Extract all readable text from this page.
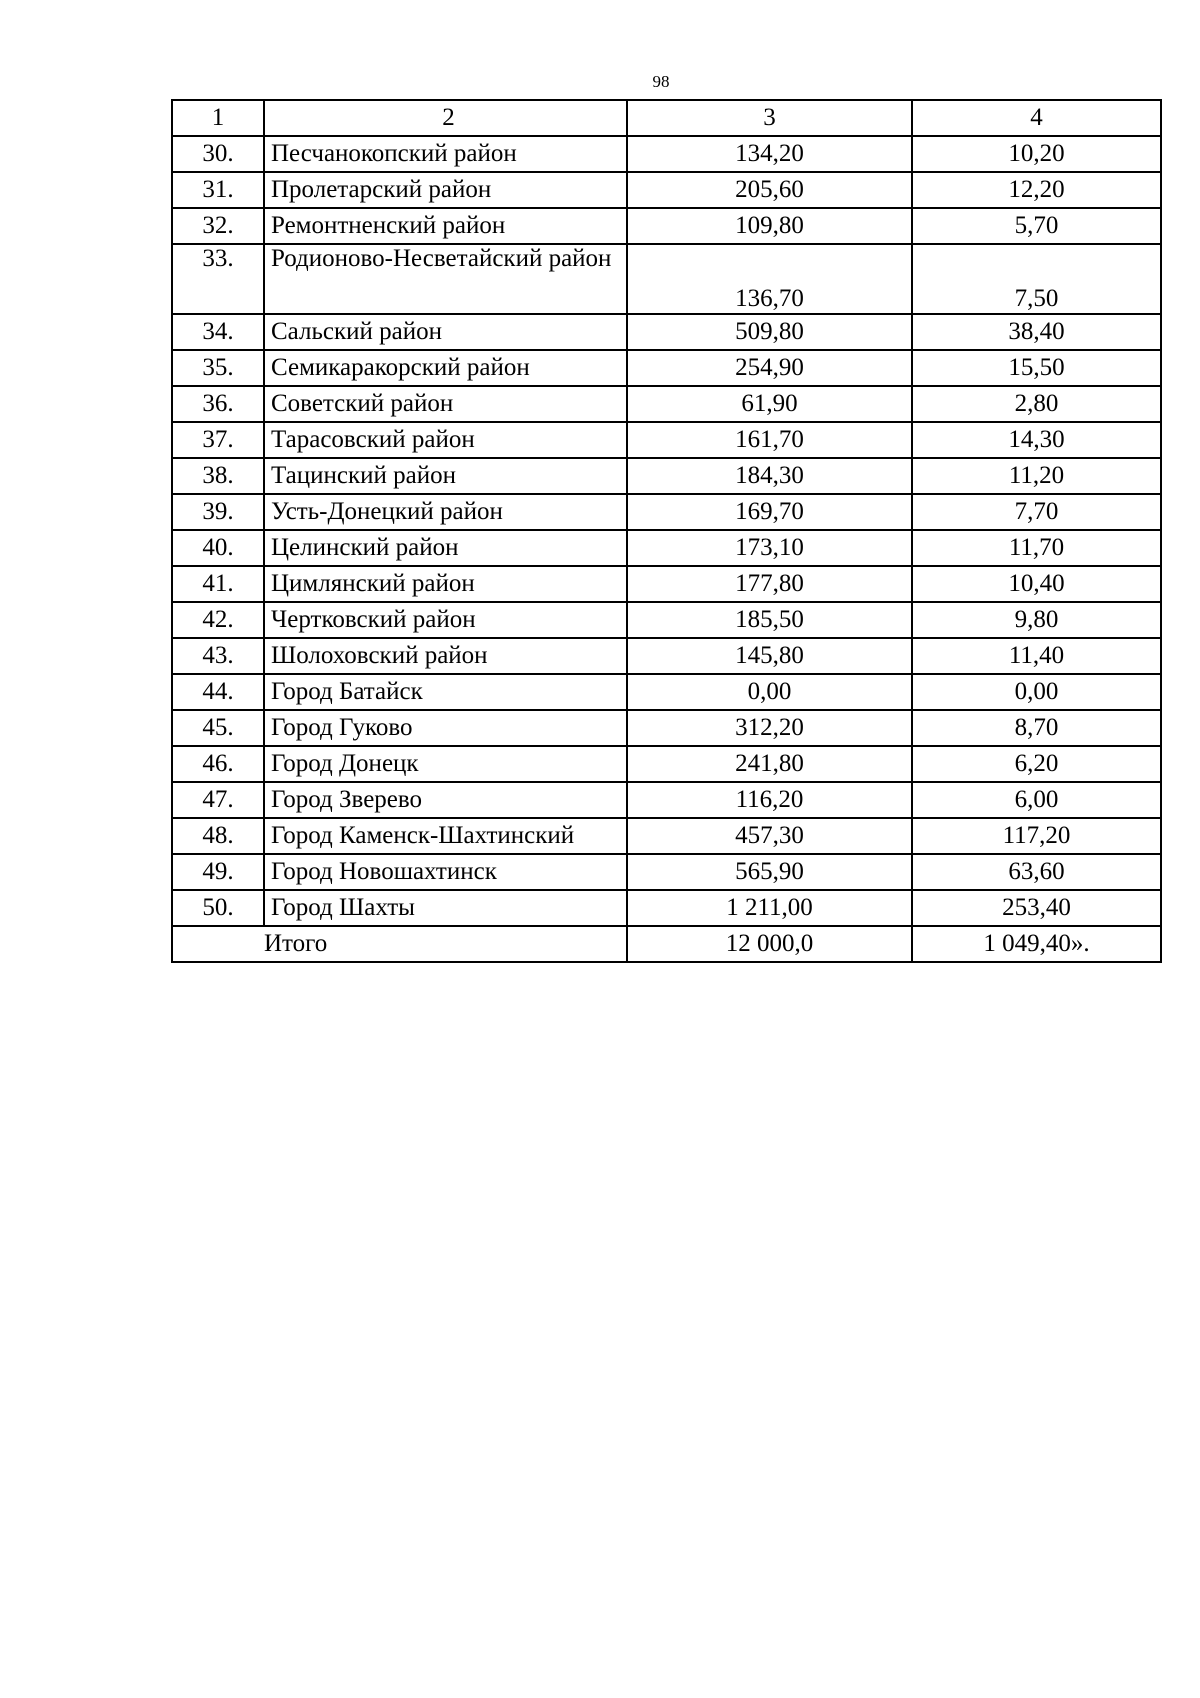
98
1	2	3	4
30.	Песчанокопский район	134,20	10,20
31.	Пролетарский район	205,60	12,20
32.	Ремонтненский район	109,80	5,70
33.	Родионово-Несветайский район	136,70	7,50
34.	Сальский район	509,80	38,40
35.	Семикаракорский район	254,90	15,50
36.	Советский район	61,90	2,80
37.	Тарасовский район	161,70	14,30
38.	Тацинский район	184,30	11,20
39.	Усть-Донецкий район	169,70	7,70
40.	Целинский район	173,10	11,70
41.	Цимлянский район	177,80	10,40
42.	Чертковский район	185,50	9,80
43.	Шолоховский район	145,80	11,40
44.	Город Батайск	0,00	0,00
45.	Город Гуково	312,20	8,70
46.	Город Донецк	241,80	6,20
47.	Город Зверево	116,20	6,00
48.	Город Каменск-Шахтинский	457,30	117,20
49.	Город Новошахтинск	565,90	63,60
50.	Город Шахты	1 211,00	253,40
Итого		12 000,0	1 049,40».
